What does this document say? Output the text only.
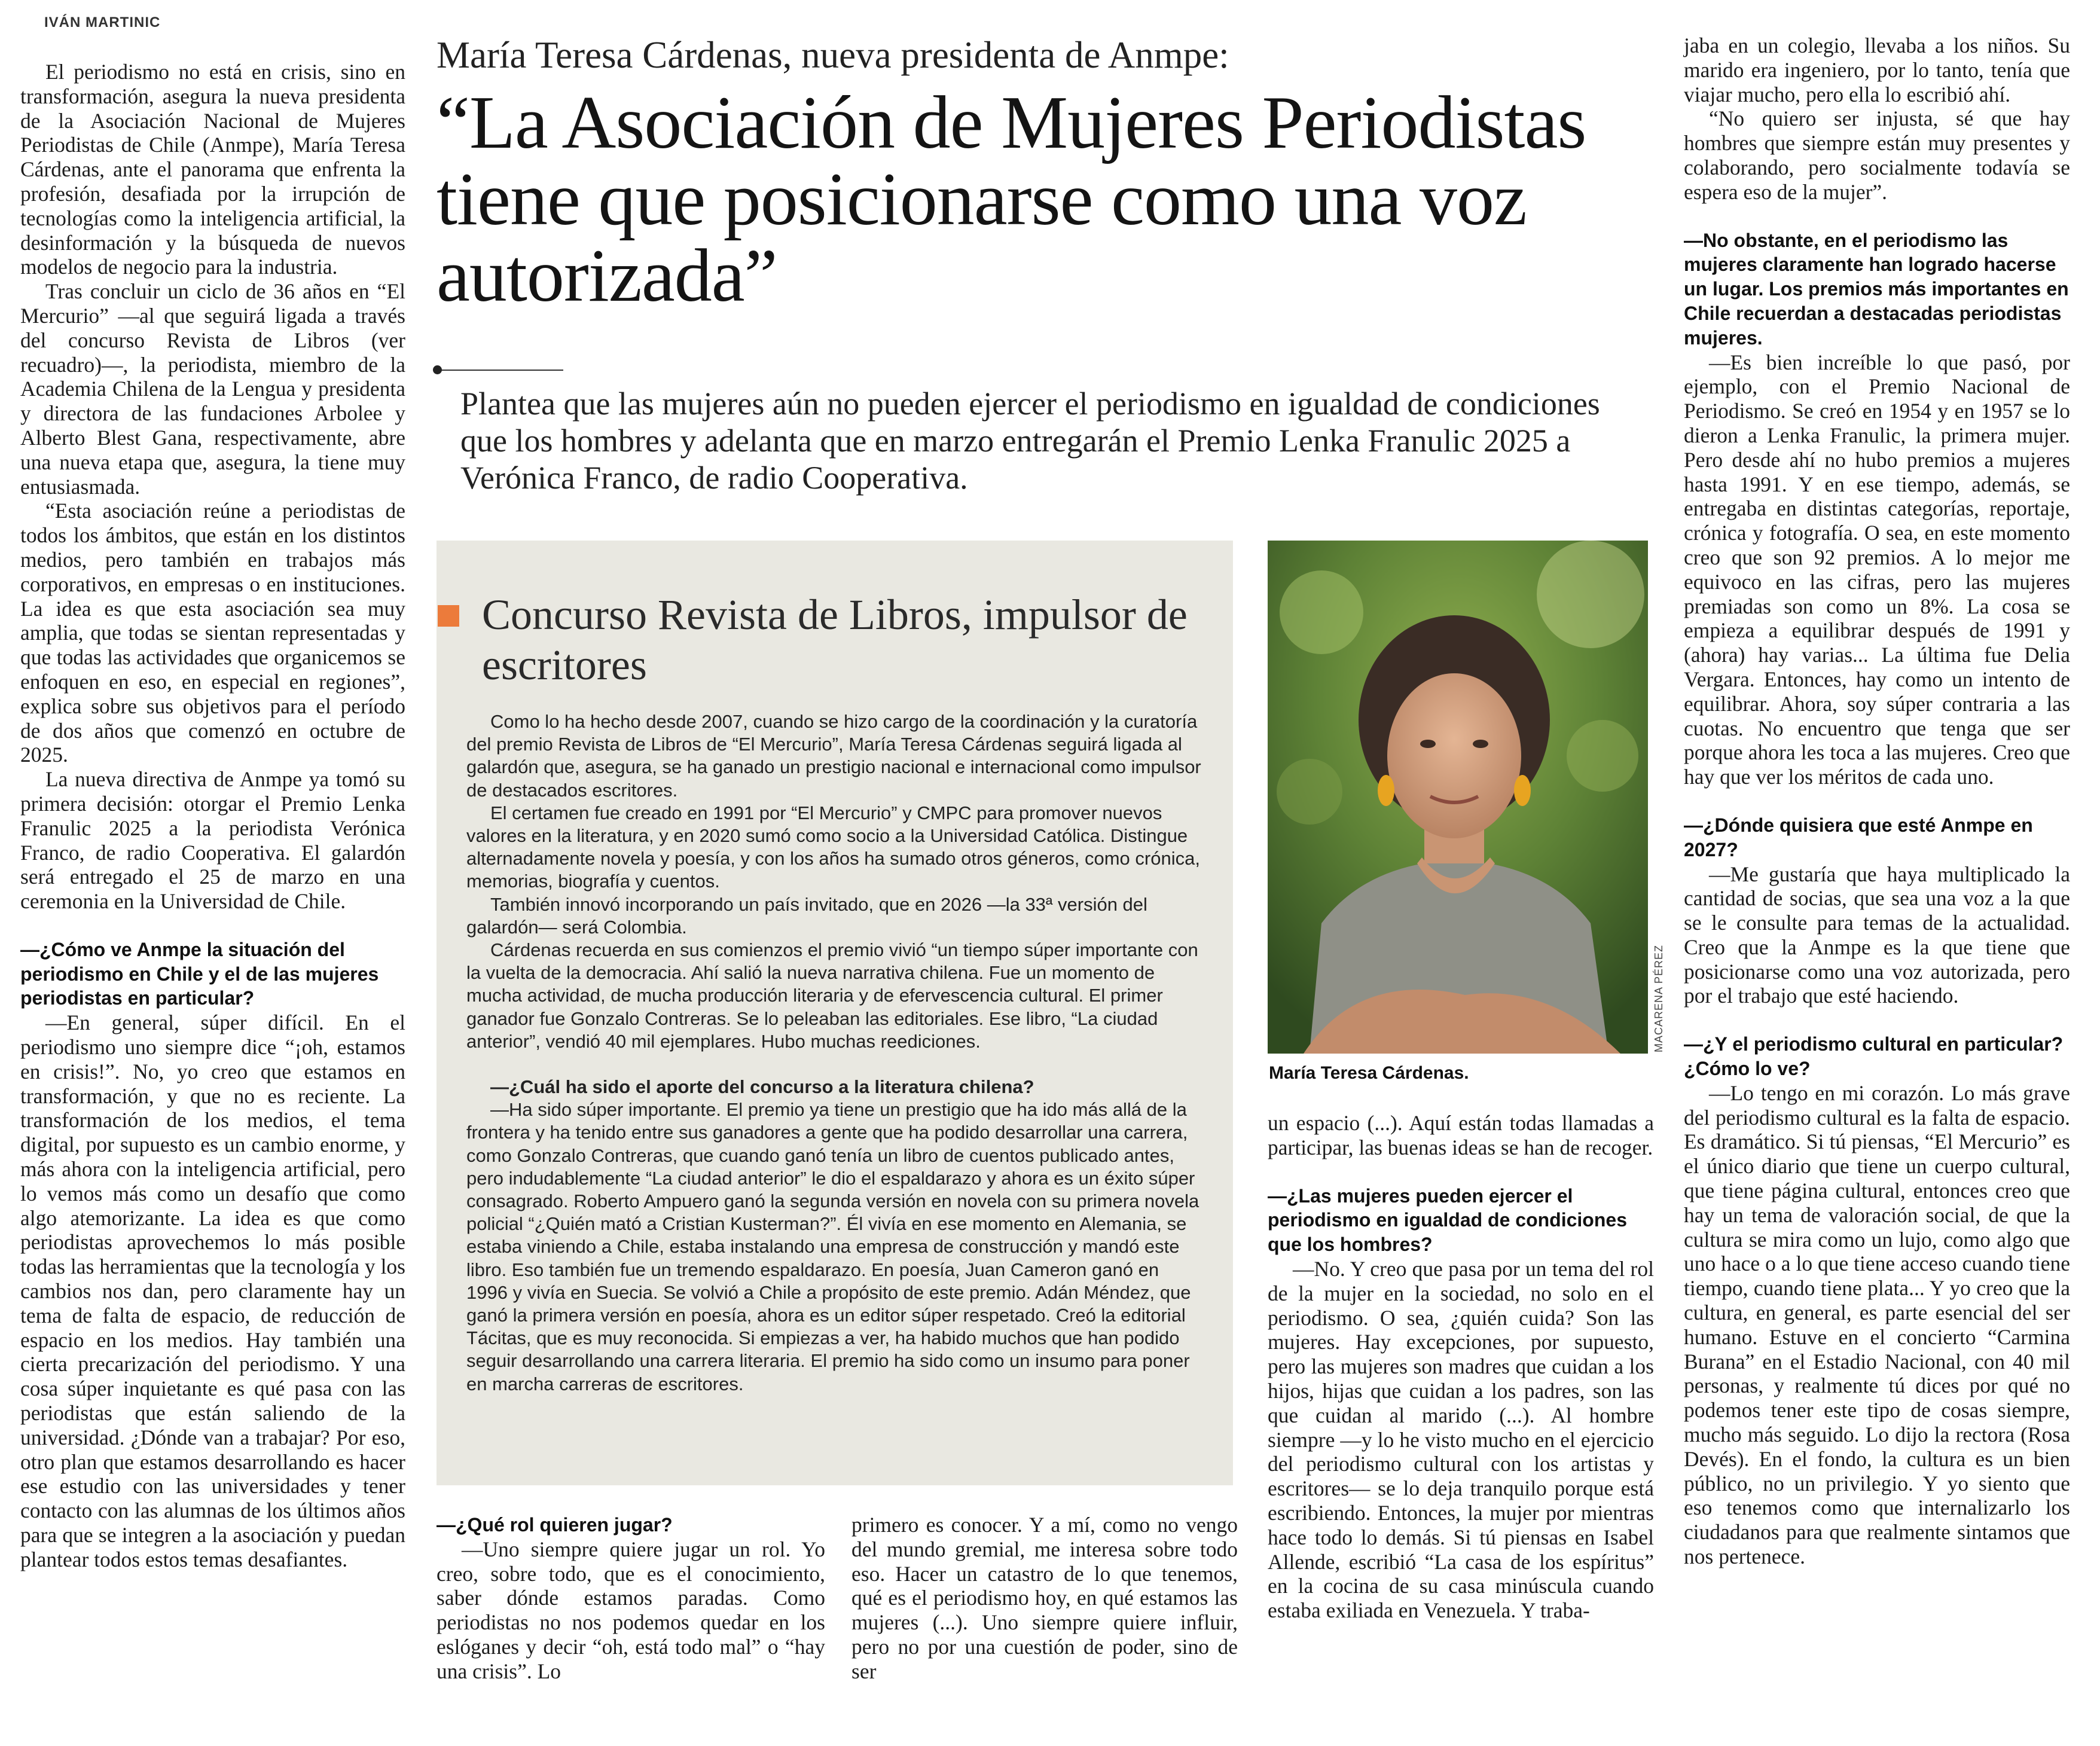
IVÁN MARTINIC

El periodismo no está en crisis, sino en transformación, asegura la nueva presidenta de la Asociación Nacional de Mujeres Periodistas de Chile (Anmpe), María Teresa Cárdenas, ante el panorama que enfrenta la profesión, desafiada por la irrupción de tecnologías como la inteligencia artificial, la desinformación y la búsqueda de nuevos modelos de negocio para la industria.

Tras concluir un ciclo de 36 años en “El Mercurio” —al que seguirá ligada a través del concurso Revista de Libros (ver recuadro)—, la periodista, miembro de la Academia Chilena de la Lengua y presidenta y directora de las fundaciones Arbolee y Alberto Blest Gana, respectivamente, abre una nueva etapa que, asegura, la tiene muy entusiasmada.

“Esta asociación reúne a periodistas de todos los ámbitos, que están en los distintos medios, pero también en trabajos más corporativos, en empresas o en instituciones. La idea es que esta asociación sea muy amplia, que todas se sientan representadas y que todas las actividades que organicemos se enfoquen en eso, en especial en regiones”, explica sobre sus objetivos para el período de dos años que comenzó en octubre de 2025.

La nueva directiva de Anmpe ya tomó su primera decisión: otorgar el Premio Lenka Franulic 2025 a la periodista Verónica Franco, de radio Cooperativa. El galardón será entregado el 25 de marzo en una ceremonia en la Universidad de Chile.

—¿Cómo ve Anmpe la situación del periodismo en Chile y el de las mujeres periodistas en particular?

—En general, súper difícil. En el periodismo uno siempre dice “¡oh, estamos en crisis!”. No, yo creo que estamos en transformación, y que no es reciente. La transformación de los medios, el tema digital, por supuesto es un cambio enorme, y más ahora con la inteligencia artificial, pero lo vemos más como un desafío que como algo atemorizante. La idea es que como periodistas aprovechemos lo más posible todas las herramientas que la tecnología y los cambios nos dan, pero claramente hay un tema de falta de espacio, de reducción de espacio en los medios. Hay también una cierta precarización del periodismo. Y una cosa súper inquietante es qué pasa con las periodistas que están saliendo de la universidad. ¿Dónde van a trabajar? Por eso, otro plan que estamos desarrollando es hacer ese estudio con las universidades y tener contacto con las alumnas de los últimos años para que se integren a la asociación y puedan plantear todos estos temas desafiantes.

María Teresa Cárdenas, nueva presidenta de Anmpe:
“La Asociación de Mujeres Periodistas tiene que posicionarse como una voz autorizada”
Plantea que las mujeres aún no pueden ejercer el periodismo en igualdad de condiciones que los hombres y adelanta que en marzo entregarán el Premio Lenka Franulic 2025 a Verónica Franco, de radio Cooperativa.
Concurso Revista de Libros, impulsor de escritores

Como lo ha hecho desde 2007, cuando se hizo cargo de la coordinación y la curatoría del premio Revista de Libros de “El Mercurio”, María Teresa Cárdenas seguirá ligada al galardón que, asegura, se ha ganado un prestigio nacional e internacional como impulsor de destacados escritores.

El certamen fue creado en 1991 por “El Mercurio” y CMPC para promover nuevos valores en la literatura, y en 2020 sumó como socio a la Universidad Católica. Distingue alternadamente novela y poesía, y con los años ha sumado otros géneros, como crónica, memorias, biografía y cuentos.

También innovó incorporando un país invitado, que en 2026 —la 33ª versión del galardón— será Colombia.

Cárdenas recuerda en sus comienzos el premio vivió “un tiempo súper importante con la vuelta de la democracia. Ahí salió la nueva narrativa chilena. Fue un momento de mucha actividad, de mucha producción literaria y de efervescencia cultural. El primer ganador fue Gonzalo Contreras. Se lo peleaban las editoriales. Ese libro, “La ciudad anterior”, vendió 40 mil ejemplares. Hubo muchas reediciones.

—¿Cuál ha sido el aporte del concurso a la literatura chilena?

—Ha sido súper importante. El premio ya tiene un prestigio que ha ido más allá de la frontera y ha tenido entre sus ganadores a gente que ha podido desarrollar una carrera, como Gonzalo Contreras, que cuando ganó tenía un libro de cuentos publicado antes, pero indudablemente “La ciudad anterior” le dio el espaldarazo y ahora es un éxito súper consagrado. Roberto Ampuero ganó la segunda versión en novela con su primera novela policial “¿Quién mató a Cristian Kusterman?”. Él vivía en ese momento en Alemania, se estaba viniendo a Chile, estaba instalando una empresa de construcción y mandó este libro. Eso también fue un tremendo espaldarazo. En poesía, Juan Cameron ganó en 1996 y vivía en Suecia. Se volvió a Chile a propósito de este premio. Adán Méndez, que ganó la primera versión en poesía, ahora es un editor súper respetado. Creó la editorial Tácitas, que es muy reconocida. Si empiezas a ver, ha habido muchos que han podido seguir desarrollando una carrera literaria. El premio ha sido como un insumo para poner en marcha carreras de escritores.

MACARENA PÉREZ
María Teresa Cárdenas.
—¿Qué rol quieren jugar?

—Uno siempre quiere jugar un rol. Yo creo, sobre todo, que es el conocimiento, saber dónde estamos paradas. Como periodistas no nos podemos quedar en los eslóganes y decir “oh, está todo mal” o “hay una crisis”. Lo

primero es conocer. Y a mí, como no vengo del mundo gremial, me interesa sobre todo eso. Hacer un catastro de lo que tenemos, qué es el periodismo hoy, en qué estamos las mujeres (...). Uno siempre quiere influir, pero no por una cuestión de poder, sino de ser

un espacio (...). Aquí están todas llamadas a participar, las buenas ideas se han de recoger.

—¿Las mujeres pueden ejercer el periodismo en igualdad de condiciones que los hombres?

—No. Y creo que pasa por un tema del rol de la mujer en la sociedad, no solo en el periodismo. O sea, ¿quién cuida? Son las mujeres. Hay excepciones, por supuesto, pero las mujeres son madres que cuidan a los hijos, hijas que cuidan a los padres, son las que cuidan al marido (...). Al hombre siempre —y lo he visto mucho en el ejercicio del periodismo cultural con los artistas y escritores— se lo deja tranquilo porque está escribiendo. Entonces, la mujer por mientras hace todo lo demás. Si tú piensas en Isabel Allende, escribió “La casa de los espíritus” en la cocina de su casa minúscula cuando estaba exiliada en Venezuela. Y traba-

jaba en un colegio, llevaba a los niños. Su marido era ingeniero, por lo tanto, tenía que viajar mucho, pero ella lo escribió ahí.

“No quiero ser injusta, sé que hay hombres que siempre están muy presentes y colaborando, pero socialmente todavía se espera eso de la mujer”.

—No obstante, en el periodismo las mujeres claramente han logrado hacerse un lugar. Los premios más importantes en Chile recuerdan a destacadas periodistas mujeres.

—Es bien increíble lo que pasó, por ejemplo, con el Premio Nacional de Periodismo. Se creó en 1954 y en 1957 se lo dieron a Lenka Franulic, la primera mujer. Pero desde ahí no hubo premios a mujeres hasta 1991. Y en ese tiempo, además, se entregaba en distintas categorías, reportaje, crónica y fotografía. O sea, en este momento creo que son 92 premios. A lo mejor me equivoco en las cifras, pero las mujeres premiadas son como un 8%. La cosa se empieza a equilibrar después de 1991 y (ahora) hay varias... La última fue Delia Vergara. Entonces, hay como un intento de equilibrar. Ahora, soy súper contraria a las cuotas. No encuentro que tenga que ser porque ahora les toca a las mujeres. Creo que hay que ver los méritos de cada uno.

—¿Dónde quisiera que esté Anmpe en 2027?

—Me gustaría que haya multiplicado la cantidad de socias, que sea una voz a la que se le consulte para temas de la actualidad. Creo que la Anmpe es la que tiene que posicionarse como una voz autorizada, pero por el trabajo que esté haciendo.

—¿Y el periodismo cultural en particular? ¿Cómo lo ve?

—Lo tengo en mi corazón. Lo más grave del periodismo cultural es la falta de espacio. Es dramático. Si tú piensas, “El Mercurio” es el único diario que tiene un cuerpo cultural, que tiene página cultural, entonces creo que hay un tema de valoración social, de que la cultura se mira como un lujo, como algo que uno hace o a lo que tiene acceso cuando tiene tiempo, cuando tiene plata... Y yo creo que la cultura, en general, es parte esencial del ser humano. Estuve en el concierto “Carmina Burana” en el Estadio Nacional, con 40 mil personas, y realmente tú dices por qué no podemos tener este tipo de cosas siempre, mucho más seguido. Lo dijo la rectora (Rosa Devés). En el fondo, la cultura es un bien público, no un privilegio. Y yo siento que eso tenemos como que internalizarlo los ciudadanos para que realmente sintamos que nos pertenece.
